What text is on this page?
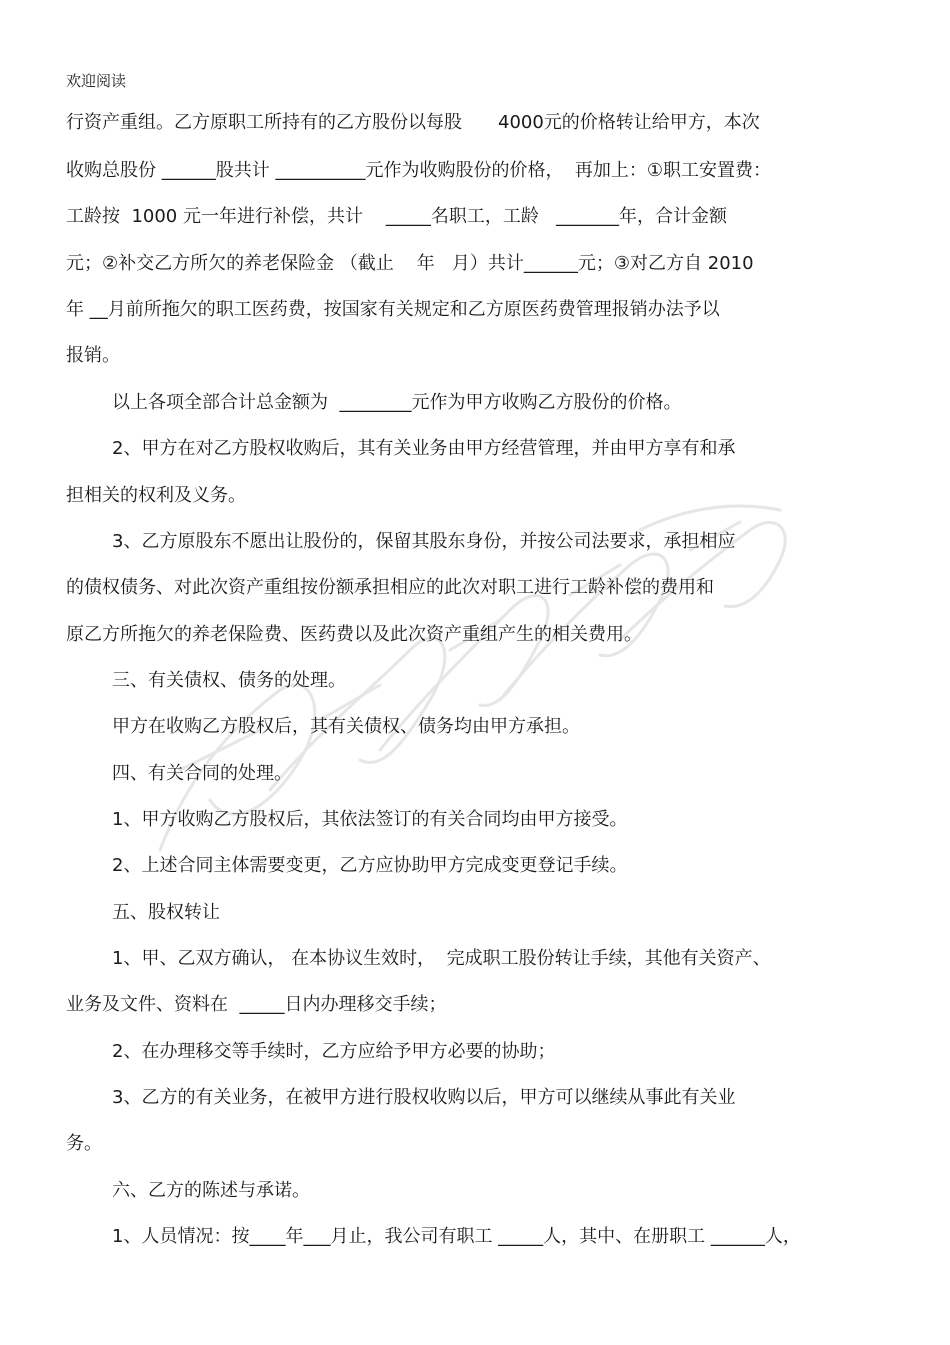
欢迎阅读
行资产重组。乙方原职工所持有的乙方股份以每股　　4000元的价格转让给甲方，本次
收购总股份 ______股共计 __________元作为收购股份的价格，  再加上：①职工安置费：
工龄按  1000 元一年进行补偿，共计    _____名职工，工龄   _______年，合计金额
元；②补交乙方所欠的养老保险金 （截止    年   月）共计______元；③对乙方自 2010
年 __月前所拖欠的职工医药费，按国家有关规定和乙方原医药费管理报销办法予以
报销。
以上各项全部合计总金额为  ________元作为甲方收购乙方股份的价格。
2、甲方在对乙方股权收购后，其有关业务由甲方经营管理，并由甲方享有和承
担相关的权利及义务。
3、乙方原股东不愿出让股份的，保留其股东身份，并按公司法要求，承担相应
的债权债务、对此次资产重组按份额承担相应的此次对职工进行工龄补偿的费用和
原乙方所拖欠的养老保险费、医药费以及此次资产重组产生的相关费用。
三、有关债权、债务的处理。
甲方在收购乙方股权后，其有关债权、债务均由甲方承担。
四、有关合同的处理。
1、甲方收购乙方股权后，其依法签订的有关合同均由甲方接受。
2、上述合同主体需要变更，乙方应协助甲方完成变更登记手续。
五、股权转让
1、甲、乙双方确认， 在本协议生效时，  完成职工股份转让手续，其他有关资产、
业务及文件、资料在  _____日内办理移交手续；
2、在办理移交等手续时，乙方应给予甲方必要的协助；
3、乙方的有关业务，在被甲方进行股权收购以后，甲方可以继续从事此有关业
务。
六、乙方的陈述与承诺。
1、人员情况：按____年___月止，我公司有职工 _____人，其中、在册职工 ______人，
